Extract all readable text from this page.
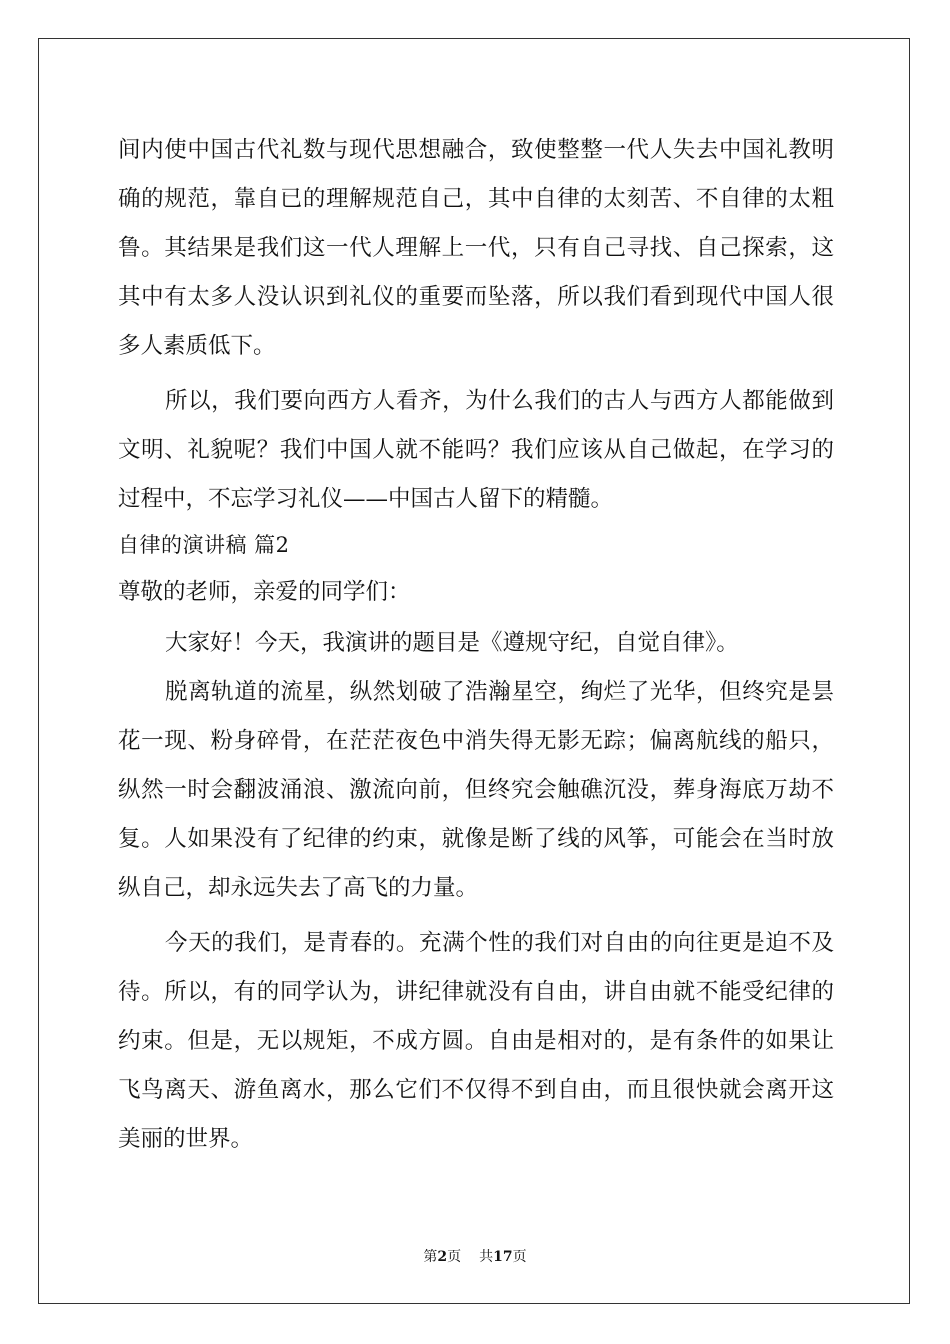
间内使中国古代礼数与现代思想融合，致使整整一代人失去中国礼教明确的规范，靠自已的理解规范自己，其中自律的太刻苦、不自律的太粗鲁。其结果是我们这一代人理解上一代，只有自己寻找、自己探索，这其中有太多人没认识到礼仪的重要而坠落，所以我们看到现代中国人很多人素质低下。

所以，我们要向西方人看齐，为什么我们的古人与西方人都能做到文明、礼貌呢？我们中国人就不能吗？我们应该从自己做起，在学习的过程中，不忘学习礼仪——中国古人留下的精髓。

自律的演讲稿 篇2

尊敬的老师，亲爱的同学们：

大家好！今天，我演讲的题目是《遵规守纪，自觉自律》。

脱离轨道的流星，纵然划破了浩瀚星空，绚烂了光华，但终究是昙花一现、粉身碎骨，在茫茫夜色中消失得无影无踪；偏离航线的船只，纵然一时会翻波涌浪、激流向前，但终究会触礁沉没，葬身海底万劫不复。人如果没有了纪律的约束，就像是断了线的风筝，可能会在当时放纵自己，却永远失去了高飞的力量。

今天的我们，是青春的。充满个性的我们对自由的向往更是迫不及待。所以，有的同学认为，讲纪律就没有自由，讲自由就不能受纪律的约束。但是，无以规矩，不成方圆。自由是相对的，是有条件的如果让飞鸟离天、游鱼离水，那么它们不仅得不到自由，而且很快就会离开这美丽的世界。

第2页 共17页
